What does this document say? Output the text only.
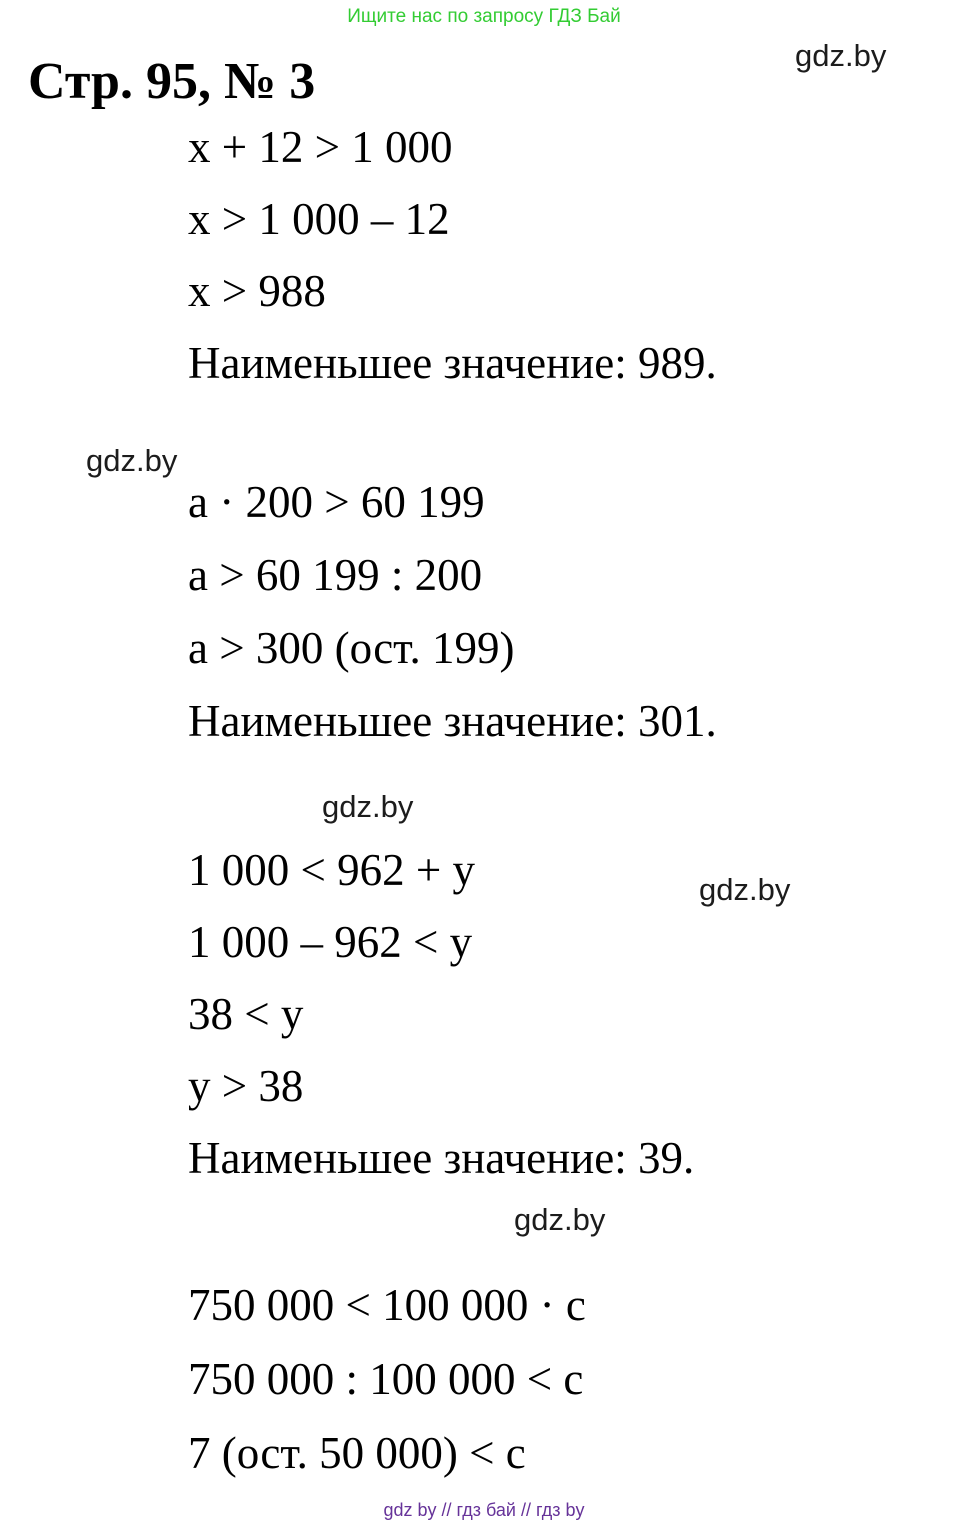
Ищите нас по запросу ГДЗ Бай
gdz.by
Стр. 95, № 3
x + 12 > 1 000
x > 1 000 – 12
x > 988
Наименьшее значение: 989.
gdz.by
a · 200 > 60 199
a > 60 199 : 200
a > 300 (ост. 199)
Наименьшее значение: 301.
gdz.by
gdz.by
1 000 < 962 + y
1 000 – 962 < y
38 < y
y > 38
Наименьшее значение: 39.
gdz.by
750 000 < 100 000 · c
750 000 : 100 000 < c
7 (ост. 50 000) < c
gdz by // гдз бай // гдз by
